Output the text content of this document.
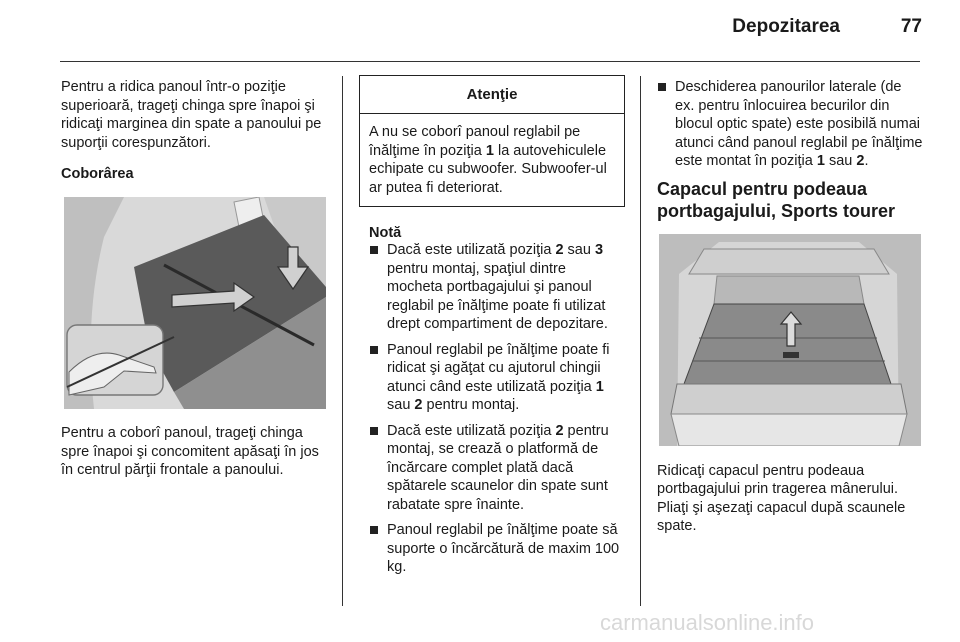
Depozitarea	77

Pentru a ridica panoul într-o poziţie superioară, trageţi chinga spre înapoi şi ridicaţi marginea din spate a panoului pe suporţii corespunzători.

Coborârea

Pentru a coborî panoul, trageţi chinga spre înapoi şi concomitent apăsaţi în jos în centrul părţii frontale a panoului.

Atenţie
A nu se coborî panoul reglabil pe înălţime în poziţia 1 la autovehiculele echipate cu subwoofer. Subwoofer-ul ar putea fi deteriorat.

Notă

Dacă este utilizată poziţia 2 sau 3 pentru montaj, spaţiul dintre mocheta portbagajului şi panoul reglabil pe înălţime poate fi utilizat drept compartiment de depozitare.
Panoul reglabil pe înălţime poate fi ridicat şi agăţat cu ajutorul chingii atunci când este utilizată poziţia 1 sau 2 pentru montaj.
Dacă este utilizată poziţia 2 pentru montaj, se crează o platformă de încărcare complet plată dacă spătarele scaunelor din spate sunt rabatate spre înainte.
Panoul reglabil pe înălţime poate să suporte o încărcătură de maxim 100 kg.
Deschiderea panourilor laterale (de ex. pentru înlocuirea becurilor din blocul optic spate) este posibilă numai atunci când panoul reglabil pe înălţime este montat în poziţia 1 sau 2.

Capacul pentru podeaua portbagajului, Sports tourer

Ridicaţi capacul pentru podeaua portbagajului prin tragerea mânerului. Pliaţi şi aşezaţi capacul după scaunele spate.

carmanualsonline.info
